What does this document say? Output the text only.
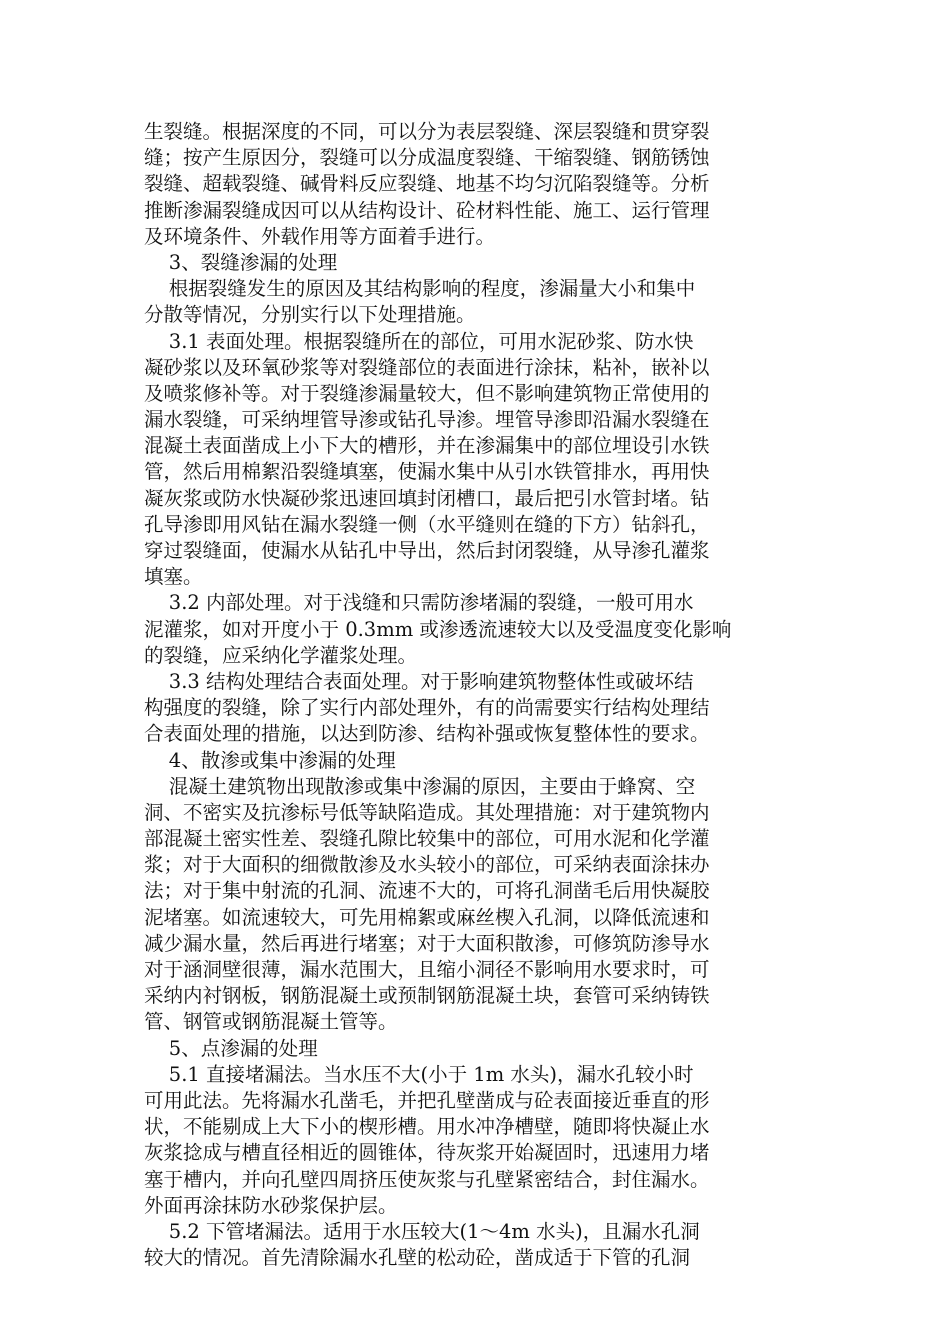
生裂缝。根据深度的不同，可以分为表层裂缝、深层裂缝和贯穿裂
缝；按产生原因分，裂缝可以分成温度裂缝、干缩裂缝、钢筋锈蚀
裂缝、超载裂缝、碱骨料反应裂缝、地基不均匀沉陷裂缝等。分析
推断渗漏裂缝成因可以从结构设计、砼材料性能、施工、运行管理
及环境条件、外载作用等方面着手进行。
3、裂缝渗漏的处理
根据裂缝发生的原因及其结构影响的程度，渗漏量大小和集中
分散等情况，分别实行以下处理措施。
3.1 表面处理。根据裂缝所在的部位，可用水泥砂浆、防水快
凝砂浆以及环氧砂浆等对裂缝部位的表面进行涂抹，粘补，嵌补以
及喷浆修补等。对于裂缝渗漏量较大，但不影响建筑物正常使用的
漏水裂缝，可采纳埋管导渗或钻孔导渗。埋管导渗即沿漏水裂缝在
混凝土表面凿成上小下大的槽形，并在渗漏集中的部位埋设引水铁
管，然后用棉絮沿裂缝填塞，使漏水集中从引水铁管排水，再用快
凝灰浆或防水快凝砂浆迅速回填封闭槽口，最后把引水管封堵。钻
孔导渗即用风钻在漏水裂缝一侧（水平缝则在缝的下方）钻斜孔，
穿过裂缝面，使漏水从钻孔中导出，然后封闭裂缝，从导渗孔灌浆
填塞。
3.2 内部处理。对于浅缝和只需防渗堵漏的裂缝，一般可用水
泥灌浆，如对开度小于 0.3mm 或渗透流速较大以及受温度变化影响
的裂缝，应采纳化学灌浆处理。
3.3 结构处理结合表面处理。对于影响建筑物整体性或破坏结
构强度的裂缝，除了实行内部处理外，有的尚需要实行结构处理结
合表面处理的措施，以达到防渗、结构补强或恢复整体性的要求。
4、散渗或集中渗漏的处理
混凝土建筑物出现散渗或集中渗漏的原因，主要由于蜂窝、空
洞、不密实及抗渗标号低等缺陷造成。其处理措施：对于建筑物内
部混凝土密实性差、裂缝孔隙比较集中的部位，可用水泥和化学灌
浆；对于大面积的细微散渗及水头较小的部位，可采纳表面涂抹办
法；对于集中射流的孔洞、流速不大的，可将孔洞凿毛后用快凝胶
泥堵塞。如流速较大，可先用棉絮或麻丝楔入孔洞，以降低流速和
减少漏水量，然后再进行堵塞；对于大面积散渗，可修筑防渗导水
对于涵洞壁很薄，漏水范围大，且缩小洞径不影响用水要求时，可
采纳内衬钢板，钢筋混凝土或预制钢筋混凝土块，套管可采纳铸铁
管、钢管或钢筋混凝土管等。
5、点渗漏的处理
5.1 直接堵漏法。当水压不大(小于 1m 水头)，漏水孔较小时
可用此法。先将漏水孔凿毛，并把孔壁凿成与砼表面接近垂直的形
状，不能剔成上大下小的楔形槽。用水冲净槽壁，随即将快凝止水
灰浆捻成与槽直径相近的圆锥体，待灰浆开始凝固时，迅速用力堵
塞于槽内，并向孔壁四周挤压使灰浆与孔壁紧密结合，封住漏水。
外面再涂抹防水砂浆保护层。
5.2 下管堵漏法。适用于水压较大(1～4m 水头)，且漏水孔洞
较大的情况。首先清除漏水孔壁的松动砼，凿成适于下管的孔洞
